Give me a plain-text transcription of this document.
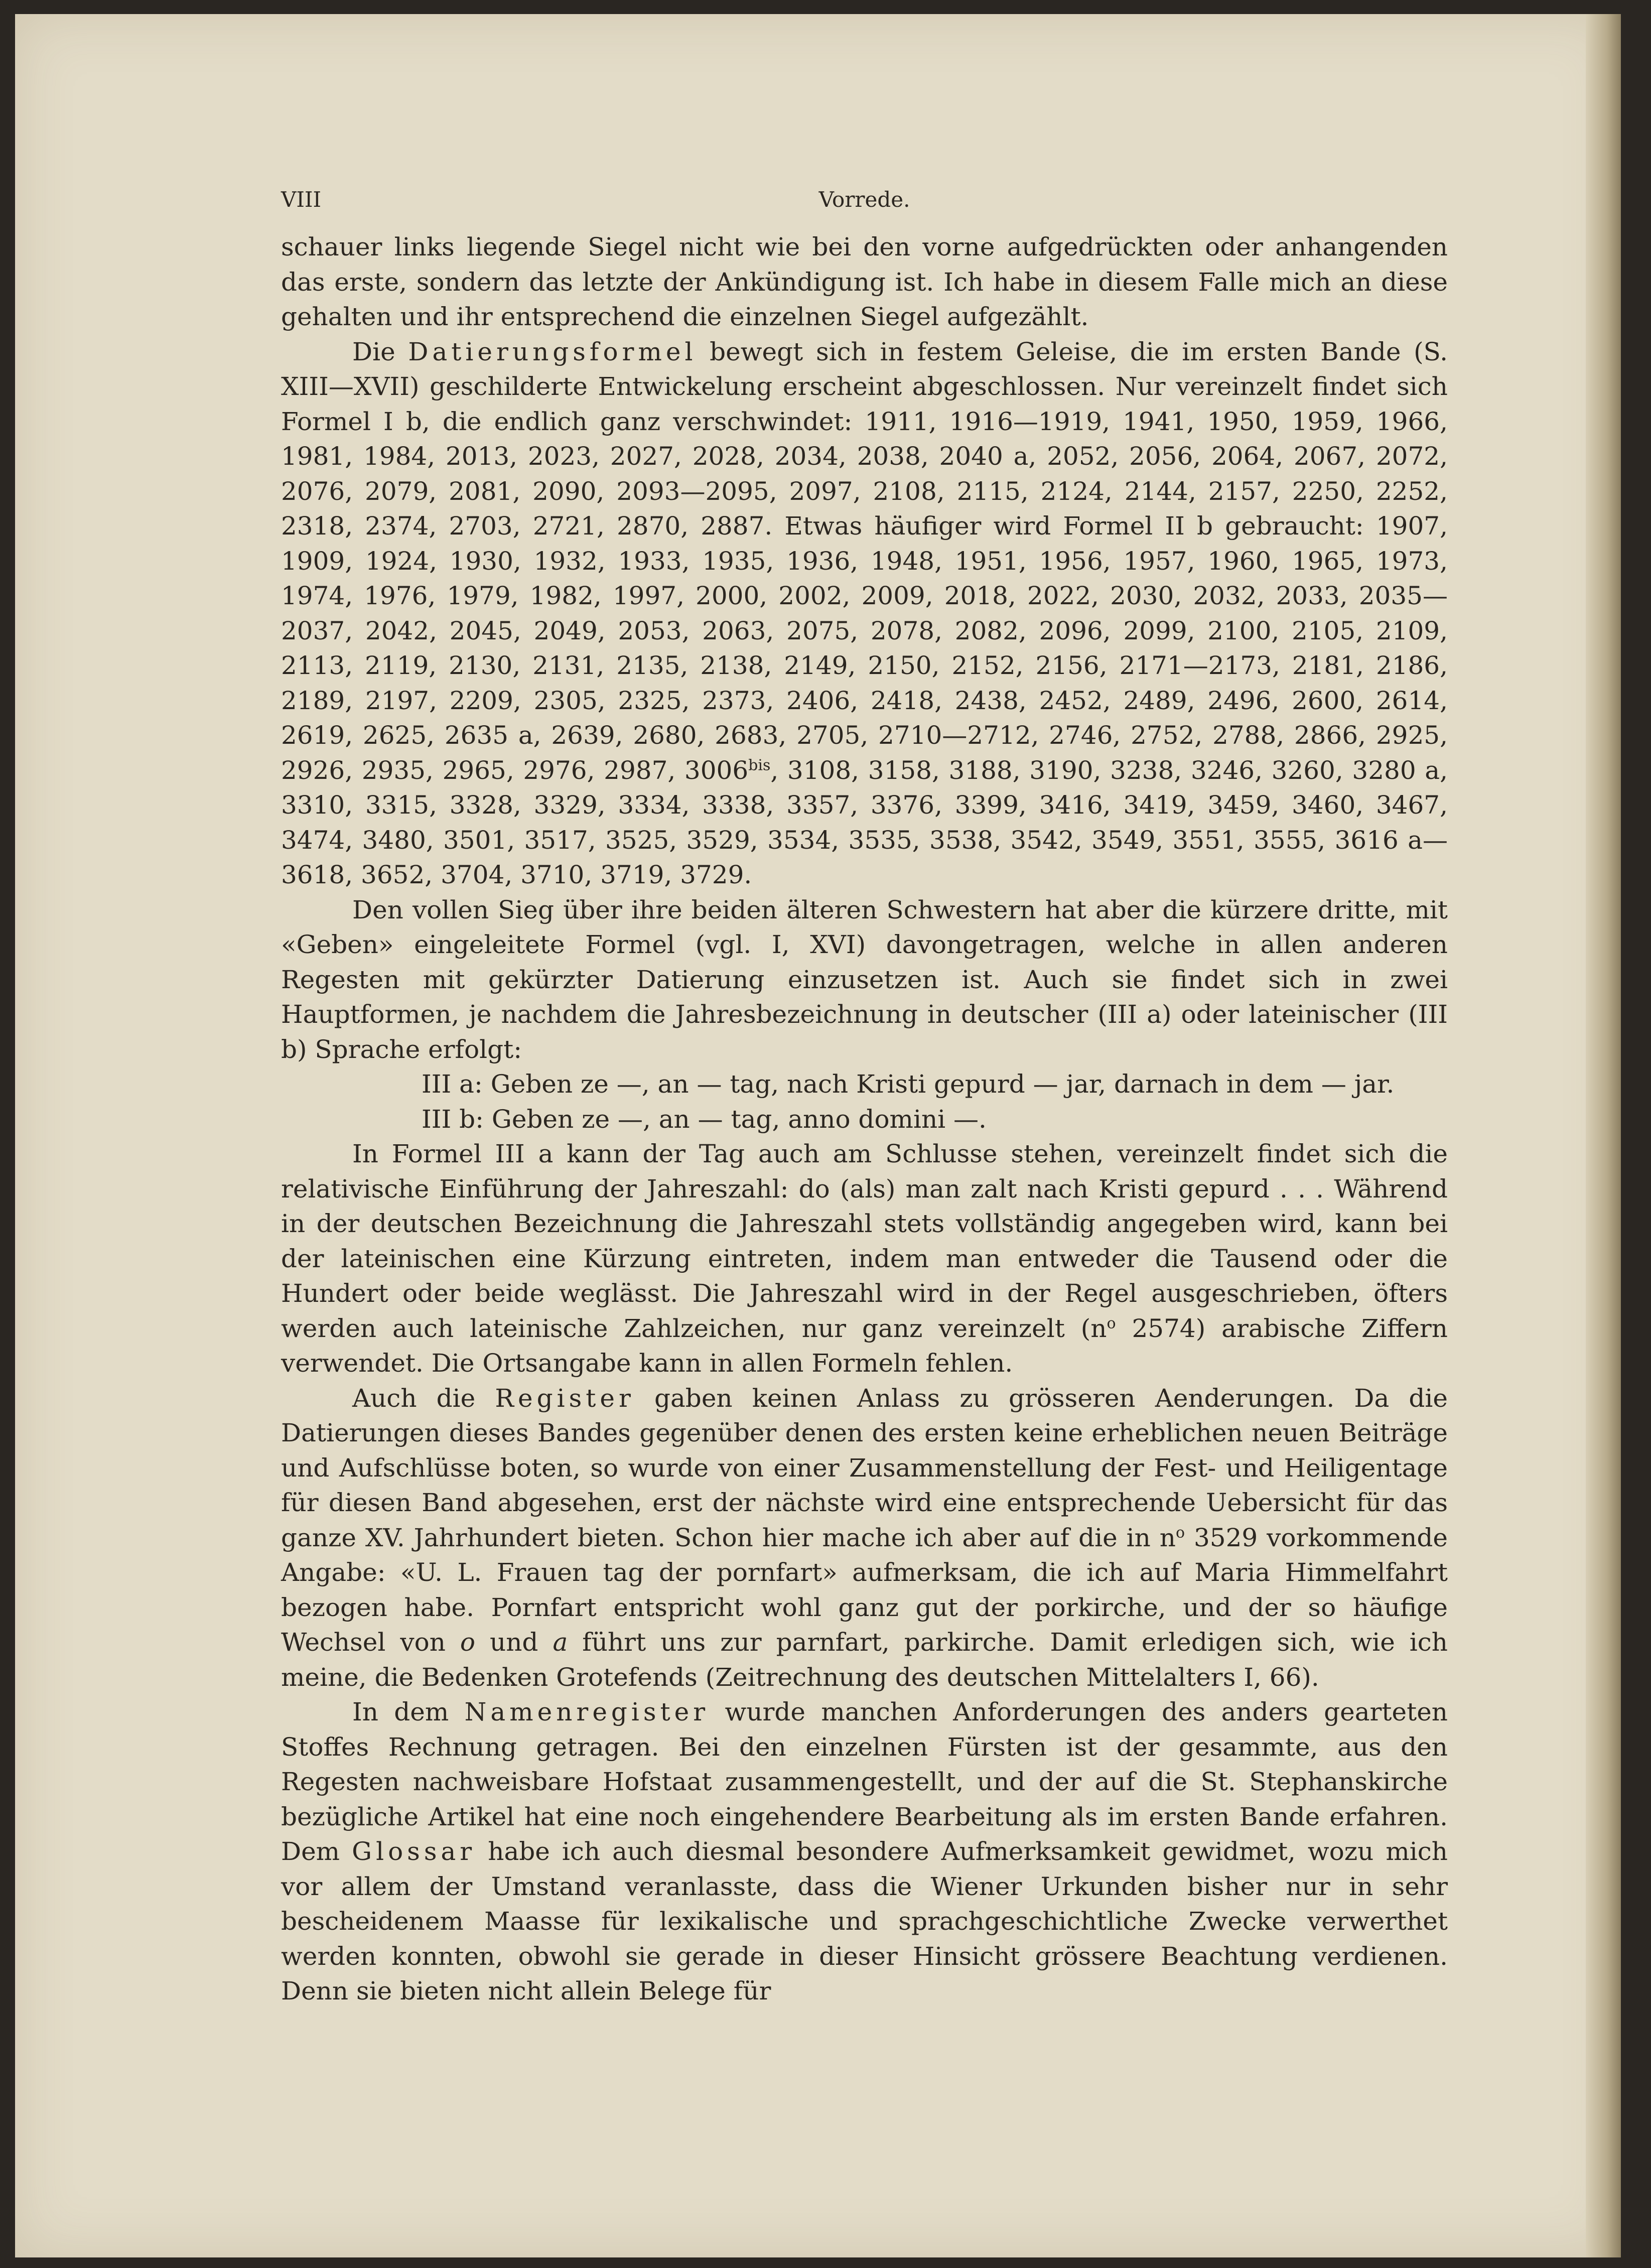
VIII	Vorrede.

schauer links liegende Siegel nicht wie bei den vorne aufgedrückten oder anhangenden das erste, sondern das letzte der Ankündigung ist. Ich habe in diesem Falle mich an diese gehalten und ihr entsprechend die einzelnen Siegel aufgezählt.

Die Datierungsformel bewegt sich in festem Geleise, die im ersten Bande (S. XIII—XVII) geschilderte Entwickelung erscheint abgeschlossen. Nur vereinzelt findet sich Formel I b, die endlich ganz verschwindet: 1911, 1916—1919, 1941, 1950, 1959, 1966, 1981, 1984, 2013, 2023, 2027, 2028, 2034, 2038, 2040 a, 2052, 2056, 2064, 2067, 2072, 2076, 2079, 2081, 2090, 2093—2095, 2097, 2108, 2115, 2124, 2144, 2157, 2250, 2252, 2318, 2374, 2703, 2721, 2870, 2887. Etwas häufiger wird Formel II b gebraucht: 1907, 1909, 1924, 1930, 1932, 1933, 1935, 1936, 1948, 1951, 1956, 1957, 1960, 1965, 1973, 1974, 1976, 1979, 1982, 1997, 2000, 2002, 2009, 2018, 2022, 2030, 2032, 2033, 2035—2037, 2042, 2045, 2049, 2053, 2063, 2075, 2078, 2082, 2096, 2099, 2100, 2105, 2109, 2113, 2119, 2130, 2131, 2135, 2138, 2149, 2150, 2152, 2156, 2171—2173, 2181, 2186, 2189, 2197, 2209, 2305, 2325, 2373, 2406, 2418, 2438, 2452, 2489, 2496, 2600, 2614, 2619, 2625, 2635 a, 2639, 2680, 2683, 2705, 2710—2712, 2746, 2752, 2788, 2866, 2925, 2926, 2935, 2965, 2976, 2987, $3006^{bis}$, 3108, 3158, 3188, 3190, 3238, 3246, 3260, 3280 a, 3310, 3315, 3328, 3329, 3334, 3338, 3357, 3376, 3399, 3416, 3419, 3459, 3460, 3467, 3474, 3480, 3501, 3517, 3525, 3529, 3534, 3535, 3538, 3542, 3549, 3551, 3555, 3616 a—3618, 3652, 3704, 3710, 3719, 3729.

Den vollen Sieg über ihre beiden älteren Schwestern hat aber die kürzere dritte, mit «Geben» eingeleitete Formel (vgl. I, XVI) davongetragen, welche in allen anderen Regesten mit gekürzter Datierung einzusetzen ist. Auch sie findet sich in zwei Hauptformen, je nachdem die Jahresbezeichnung in deutscher (III a) oder lateinischer (III b) Sprache erfolgt:

III a: Geben ze —, an — tag, nach Kristi gepurd — jar, darnach in dem — jar.

III b: Geben ze —, an — tag, anno domini —.

In Formel III a kann der Tag auch am Schlusse stehen, vereinzelt findet sich die relativische Einführung der Jahreszahl: do (als) man zalt nach Kristi gepurd . . . Während in der deutschen Bezeichnung die Jahreszahl stets vollständig angegeben wird, kann bei der lateinischen eine Kürzung eintreten, indem man entweder die Tausend oder die Hundert oder beide weglässt. Die Jahreszahl wird in der Regel ausgeschrieben, öfters werden auch lateinische Zahlzeichen, nur ganz vereinzelt ($n^o$ 2574) arabische Ziffern verwendet. Die Ortsangabe kann in allen Formeln fehlen.

Auch die Register gaben keinen Anlass zu grösseren Aenderungen. Da die Datierungen dieses Bandes gegenüber denen des ersten keine erheblichen neuen Beiträge und Aufschlüsse boten, so wurde von einer Zusammenstellung der Fest- und Heiligentage für diesen Band abgesehen, erst der nächste wird eine entsprechende Uebersicht für das ganze XV. Jahrhundert bieten. Schon hier mache ich aber auf die in $n^o$ 3529 vorkommende Angabe: «U. L. Frauen tag der pornfart» aufmerksam, die ich auf Maria Himmelfahrt bezogen habe. Pornfart entspricht wohl ganz gut der porkirche, und der so häufige Wechsel von o und a führt uns zur parnfart, parkirche. Damit erledigen sich, wie ich meine, die Bedenken Grotefends (Zeitrechnung des deutschen Mittelalters I, 66).

In dem Namenregister wurde manchen Anforderungen des anders gearteten Stoffes Rechnung getragen. Bei den einzelnen Fürsten ist der gesammte, aus den Regesten nachweisbare Hofstaat zusammengestellt, und der auf die St. Stephanskirche bezügliche Artikel hat eine noch eingehendere Bearbeitung als im ersten Bande erfahren. Dem Glossar habe ich auch diesmal besondere Aufmerksamkeit gewidmet, wozu mich vor allem der Umstand veranlasste, dass die Wiener Urkunden bisher nur in sehr bescheidenem Maasse für lexikalische und sprachgeschichtliche Zwecke verwerthet werden konnten, obwohl sie gerade in dieser Hinsicht grössere Beachtung verdienen. Denn sie bieten nicht allein Belege für
